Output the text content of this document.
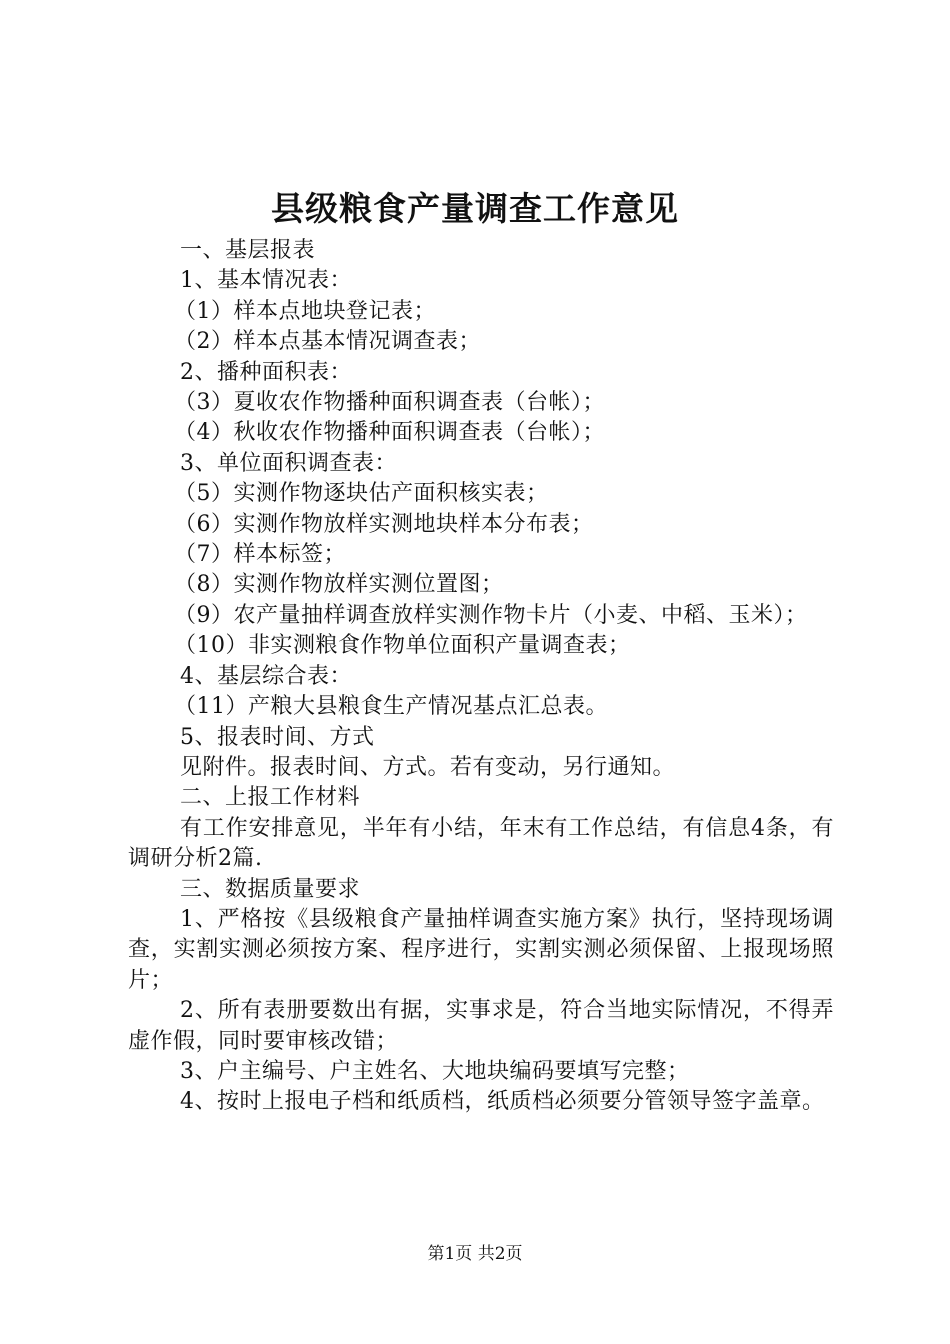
县级粮食产量调查工作意见

一、基层报表

1、基本情况表：

（1）样本点地块登记表；

（2）样本点基本情况调查表；

2、播种面积表：

（3）夏收农作物播种面积调查表（台帐）；

（4）秋收农作物播种面积调查表（台帐）；

3、单位面积调查表：

（5）实测作物逐块估产面积核实表；

（6）实测作物放样实测地块样本分布表；

（7）样本标签；

（8）实测作物放样实测位置图；

（9）农产量抽样调查放样实测作物卡片（小麦、中稻、玉米）；

（10）非实测粮食作物单位面积产量调查表；

4、基层综合表：

（11）产粮大县粮食生产情况基点汇总表。

5、报表时间、方式

见附件。报表时间、方式。若有变动，另行通知。

二、上报工作材料

有工作安排意见，半年有小结，年末有工作总结，有信息4条，有调研分析2篇.

三、数据质量要求

1、严格按《县级粮食产量抽样调查实施方案》执行，坚持现场调查，实割实测必须按方案、程序进行，实割实测必须保留、上报现场照片；

2、所有表册要数出有据，实事求是，符合当地实际情况，不得弄虚作假，同时要审核改错；

3、户主编号、户主姓名、大地块编码要填写完整；

4、按时上报电子档和纸质档，纸质档必须要分管领导签字盖章。

第1页 共2页
